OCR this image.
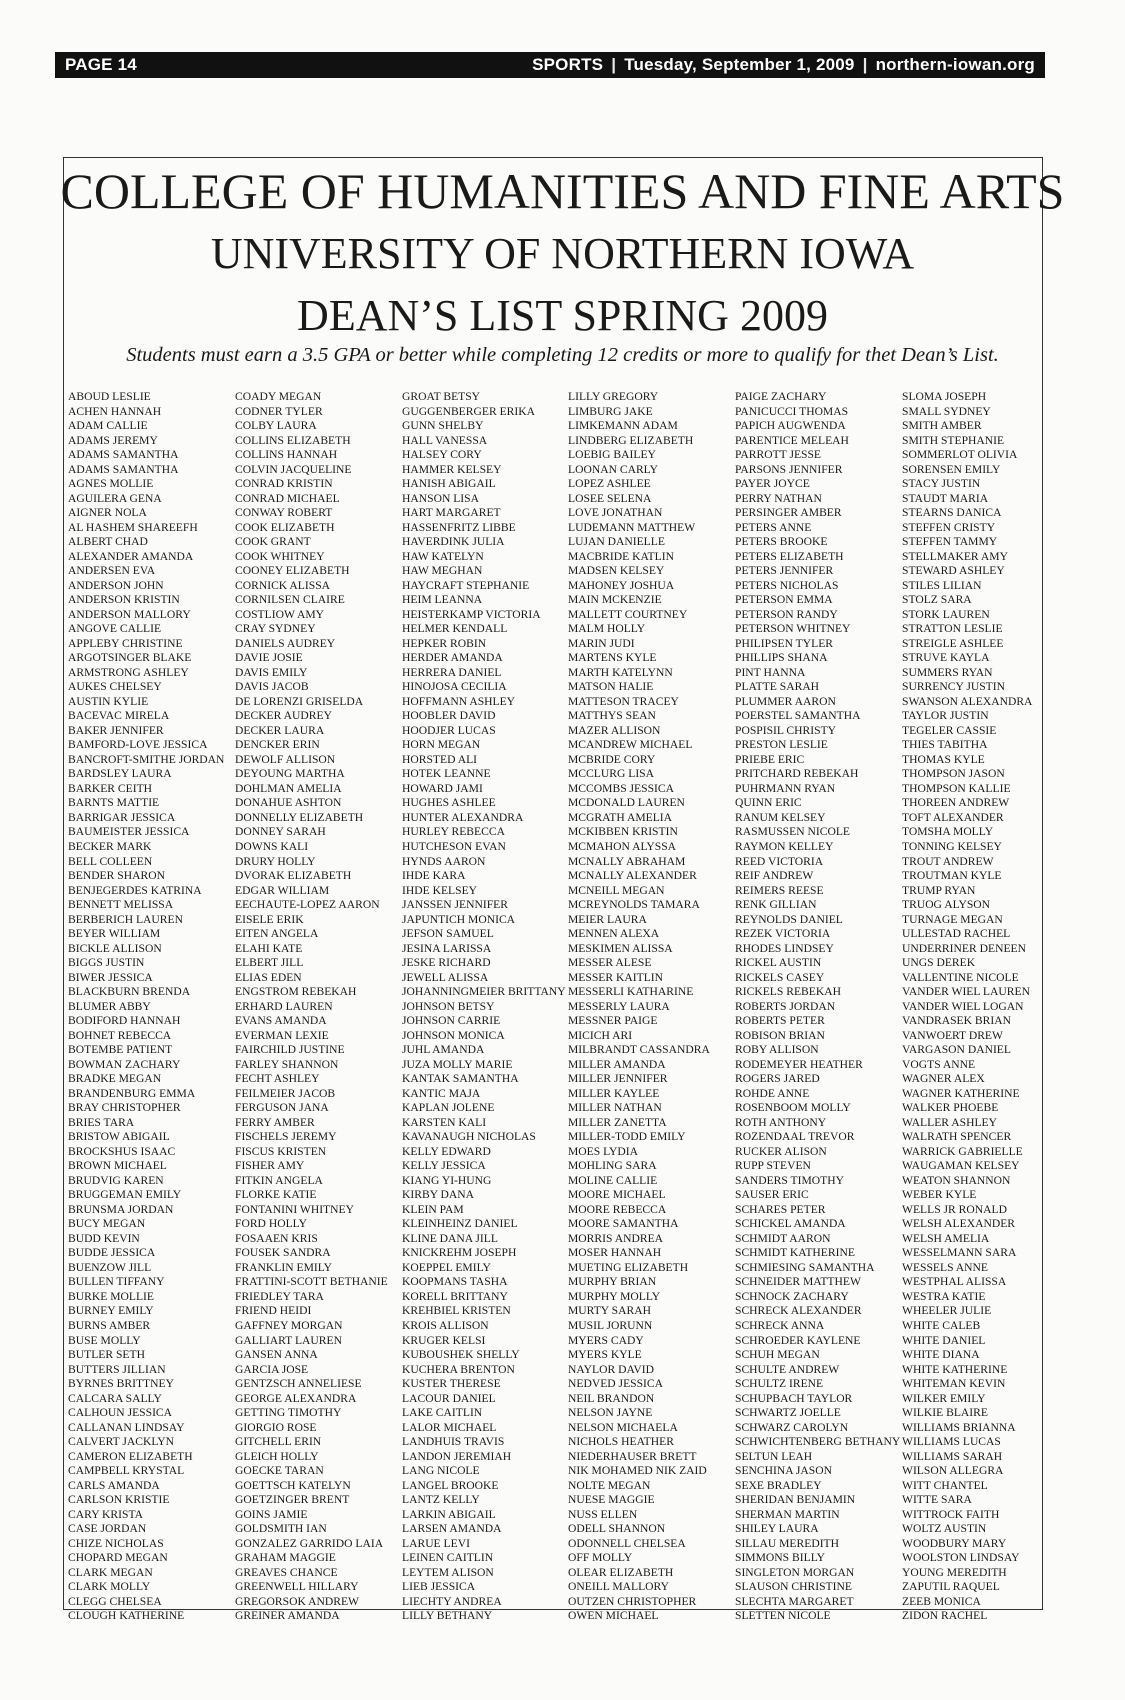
PAGE 14	SPORTS | Tuesday, September 1, 2009 | northern-iowan.org
COLLEGE OF HUMANITIES AND FINE ARTS
UNIVERSITY OF NORTHERN IOWA
DEAN’S LIST SPRING 2009
Students must earn a 3.5 GPA or better while completing 12 credits or more to qualify for thet Dean’s List.
ABOUD LESLIE
ACHEN HANNAH
ADAM CALLIE
ADAMS JEREMY
ADAMS SAMANTHA
ADAMS SAMANTHA
AGNES MOLLIE
AGUILERA GENA
AIGNER NOLA
AL HASHEM SHAREEFH
ALBERT CHAD
ALEXANDER AMANDA
ANDERSEN EVA
ANDERSON JOHN
ANDERSON KRISTIN
ANDERSON MALLORY
ANGOVE CALLIE
APPLEBY CHRISTINE
ARGOTSINGER BLAKE
ARMSTRONG ASHLEY
AUKES CHELSEY
AUSTIN KYLIE
BACEVAC MIRELA
BAKER JENNIFER
BAMFORD-LOVE JESSICA
BANCROFT-SMITHE JORDAN
BARDSLEY LAURA
BARKER CEITH
BARNTS MATTIE
BARRIGAR JESSICA
BAUMEISTER JESSICA
BECKER MARK
BELL COLLEEN
BENDER SHARON
BENJEGERDES KATRINA
BENNETT MELISSA
BERBERICH LAUREN
BEYER WILLIAM
BICKLE ALLISON
BIGGS JUSTIN
BIWER JESSICA
BLACKBURN BRENDA
BLUMER ABBY
BODIFORD HANNAH
BOHNET REBECCA
BOTEMBE PATIENT
BOWMAN ZACHARY
BRADKE MEGAN
BRANDENBURG EMMA
BRAY CHRISTOPHER
BRIES TARA
BRISTOW ABIGAIL
BROCKSHUS ISAAC
BROWN MICHAEL
BRUDVIG KAREN
BRUGGEMAN EMILY
BRUNSMA JORDAN
BUCY MEGAN
BUDD KEVIN
BUDDE JESSICA
BUENZOW JILL
BULLEN TIFFANY
BURKE MOLLIE
BURNEY EMILY
BURNS AMBER
BUSE MOLLY
BUTLER SETH
BUTTERS JILLIAN
BYRNES BRITTNEY
CALCARA SALLY
CALHOUN JESSICA
CALLANAN LINDSAY
CALVERT JACKLYN
CAMERON ELIZABETH
CAMPBELL KRYSTAL
CARLS AMANDA
CARLSON KRISTIE
CARY KRISTA
CASE JORDAN
CHIZE NICHOLAS
CHOPARD MEGAN
CLARK MEGAN
CLARK MOLLY
CLEGG CHELSEA
CLOUGH KATHERINE
COADY MEGAN
CODNER TYLER
COLBY LAURA
COLLINS ELIZABETH
COLLINS HANNAH
COLVIN JACQUELINE
CONRAD KRISTIN
CONRAD MICHAEL
CONWAY ROBERT
COOK ELIZABETH
COOK GRANT
COOK WHITNEY
COONEY ELIZABETH
CORNICK ALISSA
CORNILSEN CLAIRE
COSTLIOW AMY
CRAY SYDNEY
DANIELS AUDREY
DAVIE JOSIE
DAVIS EMILY
DAVIS JACOB
DE LORENZI GRISELDA
DECKER AUDREY
DECKER LAURA
DENCKER ERIN
DEWOLF ALLISON
DEYOUNG MARTHA
DOHLMAN AMELIA
DONAHUE ASHTON
DONNELLY ELIZABETH
DONNEY SARAH
DOWNS KALI
DRURY HOLLY
DVORAK ELIZABETH
EDGAR WILLIAM
EECHAUTE-LOPEZ AARON
EISELE ERIK
EITEN ANGELA
ELAHI KATE
ELBERT JILL
ELIAS EDEN
ENGSTROM REBEKAH
ERHARD LAUREN
EVANS AMANDA
EVERMAN LEXIE
FAIRCHILD JUSTINE
FARLEY SHANNON
FECHT ASHLEY
FEILMEIER JACOB
FERGUSON JANA
FERRY AMBER
FISCHELS JEREMY
FISCUS KRISTEN
FISHER AMY
FITKIN ANGELA
FLORKE KATIE
FONTANINI WHITNEY
FORD HOLLY
FOSAAEN KRIS
FOUSEK SANDRA
FRANKLIN EMILY
FRATTINI-SCOTT BETHANIE
FRIEDLEY TARA
FRIEND HEIDI
GAFFNEY MORGAN
GALLIART LAUREN
GANSEN ANNA
GARCIA JOSE
GENTZSCH ANNELIESE
GEORGE ALEXANDRA
GETTING TIMOTHY
GIORGIO ROSE
GITCHELL ERIN
GLEICH HOLLY
GOECKE TARAN
GOETTSCH KATELYN
GOETZINGER BRENT
GOINS JAMIE
GOLDSMITH IAN
GONZALEZ GARRIDO LAIA
GRAHAM MAGGIE
GREAVES CHANCE
GREENWELL HILLARY
GREGORSOK ANDREW
GREINER AMANDA
GROAT BETSY
GUGGENBERGER ERIKA
GUNN SHELBY
HALL VANESSA
HALSEY CORY
HAMMER KELSEY
HANISH ABIGAIL
HANSON LISA
HART MARGARET
HASSENFRITZ LIBBE
HAVERDINK JULIA
HAW KATELYN
HAW MEGHAN
HAYCRAFT STEPHANIE
HEIM LEANNA
HEISTERKAMP VICTORIA
HELMER KENDALL
HEPKER ROBIN
HERDER AMANDA
HERRERA DANIEL
HINOJOSA CECILIA
HOFFMANN ASHLEY
HOOBLER DAVID
HOODJER LUCAS
HORN MEGAN
HORSTED ALI
HOTEK LEANNE
HOWARD JAMI
HUGHES ASHLEE
HUNTER ALEXANDRA
HURLEY REBECCA
HUTCHESON EVAN
HYNDS AARON
IHDE KARA
IHDE KELSEY
JANSSEN JENNIFER
JAPUNTICH MONICA
JEFSON SAMUEL
JESINA LARISSA
JESKE RICHARD
JEWELL ALISSA
JOHANNINGMEIER BRITTANY
JOHNSON BETSY
JOHNSON CARRIE
JOHNSON MONICA
JUHL AMANDA
JUZA MOLLY MARIE
KANTAK SAMANTHA
KANTIC MAJA
KAPLAN JOLENE
KARSTEN KALI
KAVANAUGH NICHOLAS
KELLY EDWARD
KELLY JESSICA
KIANG YI-HUNG
KIRBY DANA
KLEIN PAM
KLEINHEINZ DANIEL
KLINE DANA JILL
KNICKREHM JOSEPH
KOEPPEL EMILY
KOOPMANS TASHA
KORELL BRITTANY
KREHBIEL KRISTEN
KROIS ALLISON
KRUGER KELSI
KUBOUSHEK SHELLY
KUCHERA BRENTON
KUSTER THERESE
LACOUR DANIEL
LAKE CAITLIN
LALOR MICHAEL
LANDHUIS TRAVIS
LANDON JEREMIAH
LANG NICOLE
LANGEL BROOKE
LANTZ KELLY
LARKIN ABIGAIL
LARSEN AMANDA
LARUE LEVI
LEINEN CAITLIN
LEYTEM ALISON
LIEB JESSICA
LIECHTY ANDREA
LILLY BETHANY
LILLY GREGORY
LIMBURG JAKE
LIMKEMANN ADAM
LINDBERG ELIZABETH
LOEBIG BAILEY
LOONAN CARLY
LOPEZ ASHLEE
LOSEE SELENA
LOVE JONATHAN
LUDEMANN MATTHEW
LUJAN DANIELLE
MACBRIDE KATLIN
MADSEN KELSEY
MAHONEY JOSHUA
MAIN MCKENZIE
MALLETT COURTNEY
MALM HOLLY
MARIN JUDI
MARTENS KYLE
MARTH KATELYNN
MATSON HALIE
MATTESON TRACEY
MATTHYS SEAN
MAZER ALLISON
MCANDREW MICHAEL
MCBRIDE CORY
MCCLURG LISA
MCCOMBS JESSICA
MCDONALD LAUREN
MCGRATH AMELIA
MCKIBBEN KRISTIN
MCMAHON ALYSSA
MCNALLY ABRAHAM
MCNALLY ALEXANDER
MCNEILL MEGAN
MCREYNOLDS TAMARA
MEIER LAURA
MENNEN ALEXA
MESKIMEN ALISSA
MESSER ALESE
MESSER KAITLIN
MESSERLI KATHARINE
MESSERLY LAURA
MESSNER PAIGE
MICICH ARI
MILBRANDT CASSANDRA
MILLER AMANDA
MILLER JENNIFER
MILLER KAYLEE
MILLER NATHAN
MILLER ZANETTA
MILLER-TODD EMILY
MOES LYDIA
MOHLING SARA
MOLINE CALLIE
MOORE MICHAEL
MOORE REBECCA
MOORE SAMANTHA
MORRIS ANDREA
MOSER HANNAH
MUETING ELIZABETH
MURPHY BRIAN
MURPHY MOLLY
MURTY SARAH
MUSIL JORUNN
MYERS CADY
MYERS KYLE
NAYLOR DAVID
NEDVED JESSICA
NEIL BRANDON
NELSON JAYNE
NELSON MICHAELA
NICHOLS HEATHER
NIEDERHAUSER BRETT
NIK MOHAMED NIK ZAID
NOLTE MEGAN
NUESE MAGGIE
NUSS ELLEN
ODELL SHANNON
ODONNELL CHELSEA
OFF MOLLY
OLEAR ELIZABETH
ONEILL MALLORY
OUTZEN CHRISTOPHER
OWEN MICHAEL
PAIGE ZACHARY
PANICUCCI THOMAS
PAPICH AUGWENDA
PARENTICE MELEAH
PARROTT JESSE
PARSONS JENNIFER
PAYER JOYCE
PERRY NATHAN
PERSINGER AMBER
PETERS ANNE
PETERS BROOKE
PETERS ELIZABETH
PETERS JENNIFER
PETERS NICHOLAS
PETERSON EMMA
PETERSON RANDY
PETERSON WHITNEY
PHILIPSEN TYLER
PHILLIPS SHANA
PINT HANNA
PLATTE SARAH
PLUMMER AARON
POERSTEL SAMANTHA
POSPISIL CHRISTY
PRESTON LESLIE
PRIEBE ERIC
PRITCHARD REBEKAH
PUHRMANN RYAN
QUINN ERIC
RANUM KELSEY
RASMUSSEN NICOLE
RAYMON KELLEY
REED VICTORIA
REIF ANDREW
REIMERS REESE
RENK GILLIAN
REYNOLDS DANIEL
REZEK VICTORIA
RHODES LINDSEY
RICKEL AUSTIN
RICKELS CASEY
RICKELS REBEKAH
ROBERTS JORDAN
ROBERTS PETER
ROBISON BRIAN
ROBY ALLISON
RODEMEYER HEATHER
ROGERS JARED
ROHDE ANNE
ROSENBOOM MOLLY
ROTH ANTHONY
ROZENDAAL TREVOR
RUCKER ALISON
RUPP STEVEN
SANDERS TIMOTHY
SAUSER ERIC
SCHARES PETER
SCHICKEL AMANDA
SCHMIDT AARON
SCHMIDT KATHERINE
SCHMIESING SAMANTHA
SCHNEIDER MATTHEW
SCHNOCK ZACHARY
SCHRECK ALEXANDER
SCHRECK ANNA
SCHROEDER KAYLENE
SCHUH MEGAN
SCHULTE ANDREW
SCHULTZ IRENE
SCHUPBACH TAYLOR
SCHWARTZ JOELLE
SCHWARZ CAROLYN
SCHWICHTENBERG BETHANY
SELTUN LEAH
SENCHINA JASON
SEXE BRADLEY
SHERIDAN BENJAMIN
SHERMAN MARTIN
SHILEY LAURA
SILLAU MEREDITH
SIMMONS BILLY
SINGLETON MORGAN
SLAUSON CHRISTINE
SLECHTA MARGARET
SLETTEN NICOLE
SLOMA JOSEPH
SMALL SYDNEY
SMITH AMBER
SMITH STEPHANIE
SOMMERLOT OLIVIA
SORENSEN EMILY
STACY JUSTIN
STAUDT MARIA
STEARNS DANICA
STEFFEN CRISTY
STEFFEN TAMMY
STELLMAKER AMY
STEWARD ASHLEY
STILES LILIAN
STOLZ SARA
STORK LAUREN
STRATTON LESLIE
STREIGLE ASHLEE
STRUVE KAYLA
SUMMERS RYAN
SURRENCY JUSTIN
SWANSON ALEXANDRA
TAYLOR JUSTIN
TEGELER CASSIE
THIES TABITHA
THOMAS KYLE
THOMPSON JASON
THOMPSON KALLIE
THOREEN ANDREW
TOFT ALEXANDER
TOMSHA MOLLY
TONNING KELSEY
TROUT ANDREW
TROUTMAN KYLE
TRUMP RYAN
TRUOG ALYSON
TURNAGE MEGAN
ULLESTAD RACHEL
UNDERRINER DENEEN
UNGS DEREK
VALLENTINE NICOLE
VANDER WIEL LAUREN
VANDER WIEL LOGAN
VANDRASEK BRIAN
VANWOERT DREW
VARGASON DANIEL
VOGTS ANNE
WAGNER ALEX
WAGNER KATHERINE
WALKER PHOEBE
WALLER ASHLEY
WALRATH SPENCER
WARRICK GABRIELLE
WAUGAMAN KELSEY
WEATON SHANNON
WEBER KYLE
WELLS JR RONALD
WELSH ALEXANDER
WELSH AMELIA
WESSELMANN SARA
WESSELS ANNE
WESTPHAL ALISSA
WESTRA KATIE
WHEELER JULIE
WHITE CALEB
WHITE DANIEL
WHITE DIANA
WHITE KATHERINE
WHITEMAN KEVIN
WILKER EMILY
WILKIE BLAIRE
WILLIAMS BRIANNA
WILLIAMS LUCAS
WILLIAMS SARAH
WILSON ALLEGRA
WITT CHANTEL
WITTE SARA
WITTROCK FAITH
WOLTZ AUSTIN
WOODBURY MARY
WOOLSTON LINDSAY
YOUNG MEREDITH
ZAPUTIL RAQUEL
ZEEB MONICA
ZIDON RACHEL
